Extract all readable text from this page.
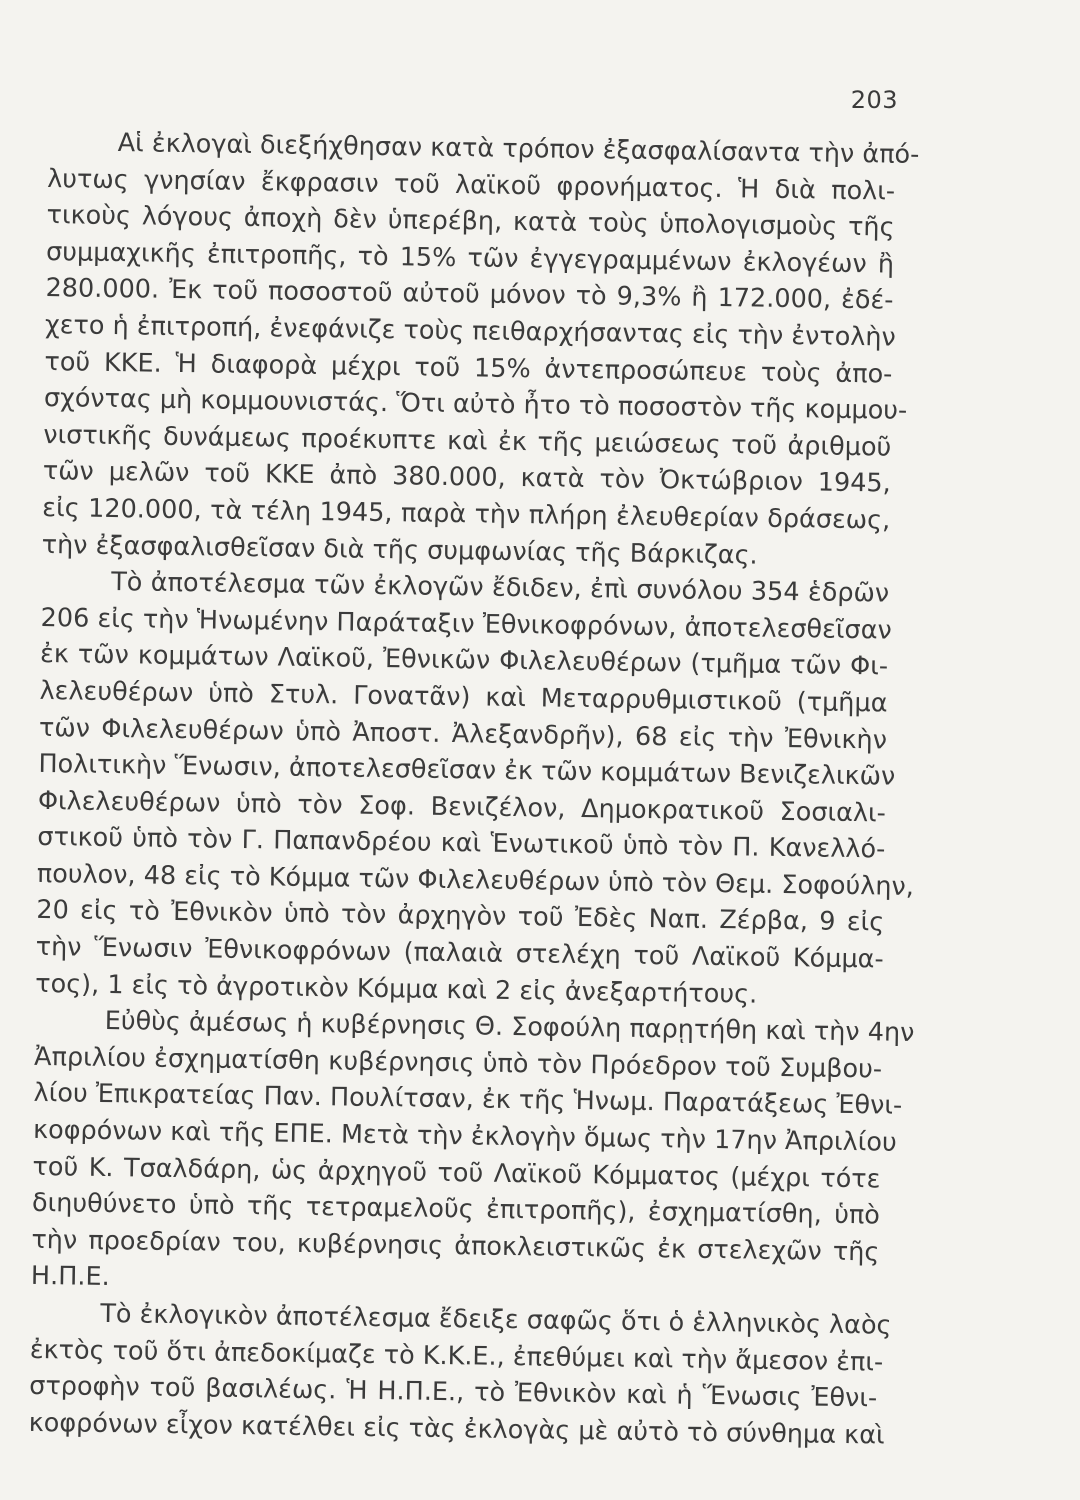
203
Αἱ ἐκλογαὶ διεξήχθησαν κατὰ τρόπον ἐξασφαλίσαντα τὴν ἀπό-
λυτως γνησίαν ἔκφρασιν τοῦ λαϊκοῦ φρονήματος. Ἡ διὰ πολι-
τικοὺς λόγους ἀποχὴ δὲν ὑπερέβη, κατὰ τοὺς ὑπολογισμοὺς τῆς
συμμαχικῆς ἐπιτροπῆς, τὸ 15% τῶν ἐγγεγραμμένων ἐκλογέων ἢ
280.000. Ἐκ τοῦ ποσοστοῦ αὐτοῦ μόνον τὸ 9,3% ἢ 172.000, ἐδέ-
χετο ἡ ἐπιτροπή, ἐνεφάνιζε τοὺς πειθαρχήσαντας εἰς τὴν ἐντολὴν
τοῦ ΚΚΕ. Ἡ διαφορὰ μέχρι τοῦ 15% ἀντεπροσώπευε τοὺς ἀπο-
σχόντας μὴ κομμουνιστάς. Ὅτι αὐτὸ ἦτο τὸ ποσοστὸν τῆς κομμου-
νιστικῆς δυνάμεως προέκυπτε καὶ ἐκ τῆς μειώσεως τοῦ ἀριθμοῦ
τῶν μελῶν τοῦ ΚΚΕ ἀπὸ 380.000, κατὰ τὸν Ὀκτώβριον 1945,
εἰς 120.000, τὰ τέλη 1945, παρὰ τὴν πλήρη ἐλευθερίαν δράσεως,
τὴν ἐξασφαλισθεῖσαν διὰ τῆς συμφωνίας τῆς Βάρκιζας.
Τὸ ἀποτέλεσμα τῶν ἐκλογῶν ἔδιδεν, ἐπὶ συνόλου 354 ἑδρῶν
206 εἰς τὴν Ἡνωμένην Παράταξιν Ἐθνικοφρόνων, ἀποτελεσθεῖσαν
ἐκ τῶν κομμάτων Λαϊκοῦ, Ἐθνικῶν Φιλελευθέρων (τμῆμα τῶν Φι-
λελευθέρων ὑπὸ Στυλ. Γονατᾶν) καὶ Μεταρρυθμιστικοῦ (τμῆμα
τῶν Φιλελευθέρων ὑπὸ Ἀποστ. Ἀλεξανδρῆν), 68 εἰς τὴν Ἐθνικὴν
Πολιτικὴν Ἕνωσιν, ἀποτελεσθεῖσαν ἐκ τῶν κομμάτων Βενιζελικῶν
Φιλελευθέρων ὑπὸ τὸν Σοφ. Βενιζέλον, Δημοκρατικοῦ Σοσιαλι-
στικοῦ ὑπὸ τὸν Γ. Παπανδρέου καὶ Ἑνωτικοῦ ὑπὸ τὸν Π. Κανελλό-
πουλον, 48 εἰς τὸ Κόμμα τῶν Φιλελευθέρων ὑπὸ τὸν Θεμ. Σοφούλην,
20 εἰς τὸ Ἐθνικὸν ὑπὸ τὸν ἀρχηγὸν τοῦ Ἐδὲς Ναπ. Ζέρβα, 9 εἰς
τὴν Ἕνωσιν Ἐθνικοφρόνων (παλαιὰ στελέχη τοῦ Λαϊκοῦ Κόμμα-
τος), 1 εἰς τὸ ἀγροτικὸν Κόμμα καὶ 2 εἰς ἀνεξαρτήτους.
Εὐθὺς ἀμέσως ἡ κυβέρνησις Θ. Σοφούλη παρῃτήθη καὶ τὴν 4ην
Ἀπριλίου ἐσχηματίσθη κυβέρνησις ὑπὸ τὸν Πρόεδρον τοῦ Συμβου-
λίου Ἐπικρατείας Παν. Πουλίτσαν, ἐκ τῆς Ἡνωμ. Παρατάξεως Ἐθνι-
κοφρόνων καὶ τῆς ΕΠΕ. Μετὰ τὴν ἐκλογὴν ὅμως τὴν 17ην Ἀπριλίου
τοῦ Κ. Τσαλδάρη, ὡς ἀρχηγοῦ τοῦ Λαϊκοῦ Κόμματος (μέχρι τότε
διηυθύνετο ὑπὸ τῆς τετραμελοῦς ἐπιτροπῆς), ἐσχηματίσθη, ὑπὸ
τὴν προεδρίαν του, κυβέρνησις ἀποκλειστικῶς ἐκ στελεχῶν τῆς
Η.Π.Ε.
Τὸ ἐκλογικὸν ἀποτέλεσμα ἔδειξε σαφῶς ὅτι ὁ ἑλληνικὸς λαὸς
ἐκτὸς τοῦ ὅτι ἀπεδοκίμαζε τὸ Κ.Κ.Ε., ἐπεθύμει καὶ τὴν ἄμεσον ἐπι-
στροφὴν τοῦ βασιλέως. Ἡ Η.Π.Ε., τὸ Ἐθνικὸν καὶ ἡ Ἕνωσις Ἐθνι-
κοφρόνων εἶχον κατέλθει εἰς τὰς ἐκλογὰς μὲ αὐτὸ τὸ σύνθημα καὶ
